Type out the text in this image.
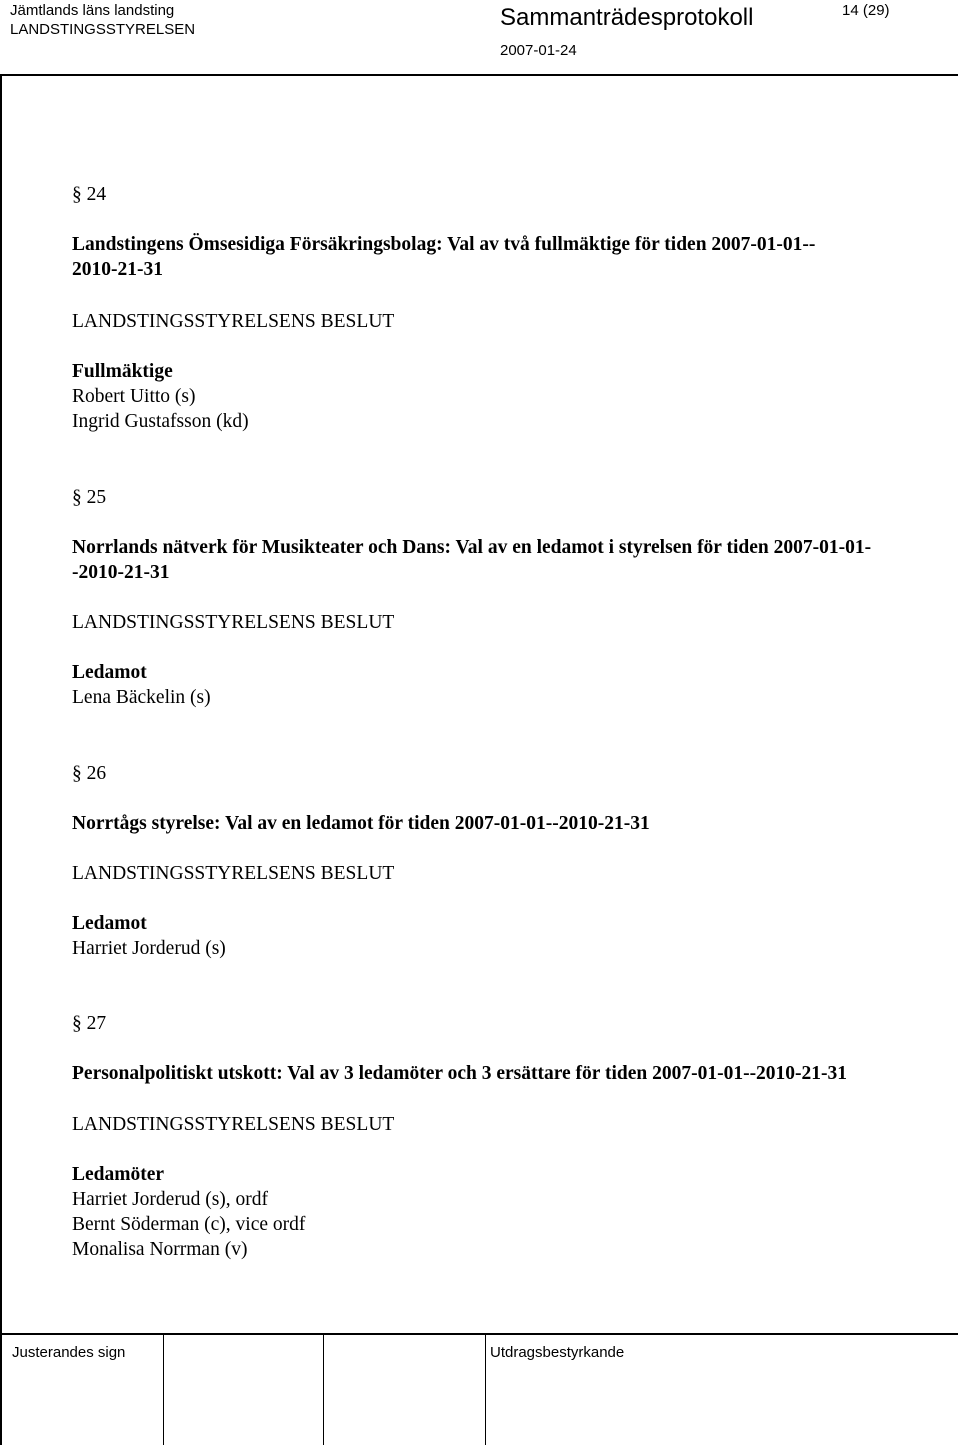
Jämtlands läns landsting
LANDSTINGSSTYRELSEN	Sammanträdesprotokoll	14 (29)
2007-01-24
§ 24
Landstingens Ömsesidiga Försäkringsbolag: Val av två fullmäktige för tiden 2007-01-01--
2010-21-31
LANDSTINGSSTYRELSENS BESLUT
Fullmäktige
Robert Uitto (s)
Ingrid Gustafsson (kd)
§ 25
Norrlands nätverk för Musikteater och Dans: Val av en ledamot i styrelsen för tiden 2007-01-01-
-2010-21-31
LANDSTINGSSTYRELSENS BESLUT
Ledamot
Lena Bäckelin (s)
§ 26
Norrtågs styrelse: Val av en ledamot för tiden 2007-01-01--2010-21-31
LANDSTINGSSTYRELSENS BESLUT
Ledamot
Harriet Jorderud (s)
§ 27
Personalpolitiskt utskott: Val av 3 ledamöter och 3 ersättare för tiden 2007-01-01--2010-21-31
LANDSTINGSSTYRELSENS BESLUT
Ledamöter
Harriet Jorderud (s), ordf
Bernt Söderman (c), vice ordf
Monalisa Norrman (v)
Justerandes sign	Utdragsbestyrkande
